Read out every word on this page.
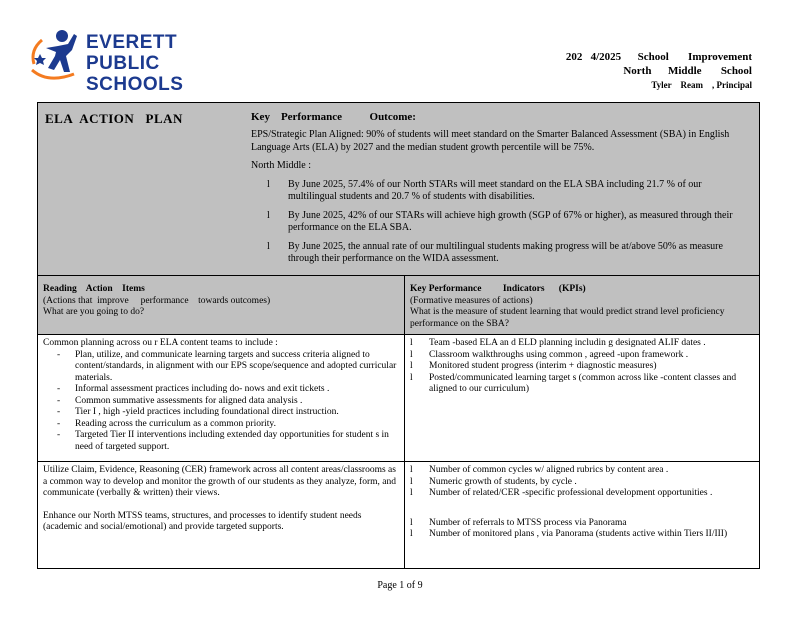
EVERETT
PUBLIC
SCHOOLS
202   4/2025      School       Improvement
North      Middle       School
Tyler    Ream    , Principal
ELA  ACTION   PLAN	Key    Performance          Outcome:

EPS/Strategic Plan Aligned: 90% of students will meet standard on the Smarter Balanced Assessment (SBA) in English Language Arts (ELA) by 2027 and the median student growth percentile will be 75%.

North Middle :

l By June 2025, 57.4% of our North STARs will meet standard on the ELA SBA including 21.7 % of our multilingual students and 20.7 % of students with disabilities.
l By June 2025, 42% of our STARs will achieve high growth (SGP of 67% or higher), as measured through their performance on the ELA SBA.
l By June 2025, the annual rate of our multilingual students making progress will be at/above 50% as measure through their performance on the WIDA assessment.
Reading    Action    Items
(Actions that  improve     performance    towards outcomes)
What are you going to do?
Key Performance         Indicators      (KPIs)
(Formative measures of actions)
What is the measure of student learning that would predict strand level proficiency performance on the SBA?
Common planning across ou r ELA content teams to include :
- Plan, utilize, and communicate learning targets and success criteria aligned to content/standards, in alignment with our EPS scope/sequence and adopted curricular materials.
- Informal assessment practices including do- nows and exit tickets .
- Common summative assessments for aligned data analysis .
- Tier I , high -yield practices including foundational direct instruction.
- Reading across the curriculum as a common priority.
- Targeted Tier II interventions including extended day opportunities for student s in need of targeted support.
l Team -based ELA an d ELD planning includin g designated ALIF dates .
l Classroom walkthroughs using common , agreed -upon framework .
l Monitored student progress (interim + diagnostic measures)
l Posted/communicated learning target s (common across like -content classes and aligned to our curriculum)
Utilize Claim, Evidence, Reasoning (CER) framework across all content areas/classrooms as a common way to develop and monitor the growth of our students as they analyze, form, and communicate (verbally & written) their views.
Enhance our North MTSS teams, structures, and processes to identify student needs (academic and social/emotional) and provide targeted supports.
l Number of common cycles w/ aligned rubrics by content area .
l Numeric growth of students, by cycle .
l Number of related/CER -specific professional development opportunities .
l Number of referrals to MTSS process via Panorama
l Number of monitored plans , via Panorama (students active within Tiers II/III)
Page 1 of 9
